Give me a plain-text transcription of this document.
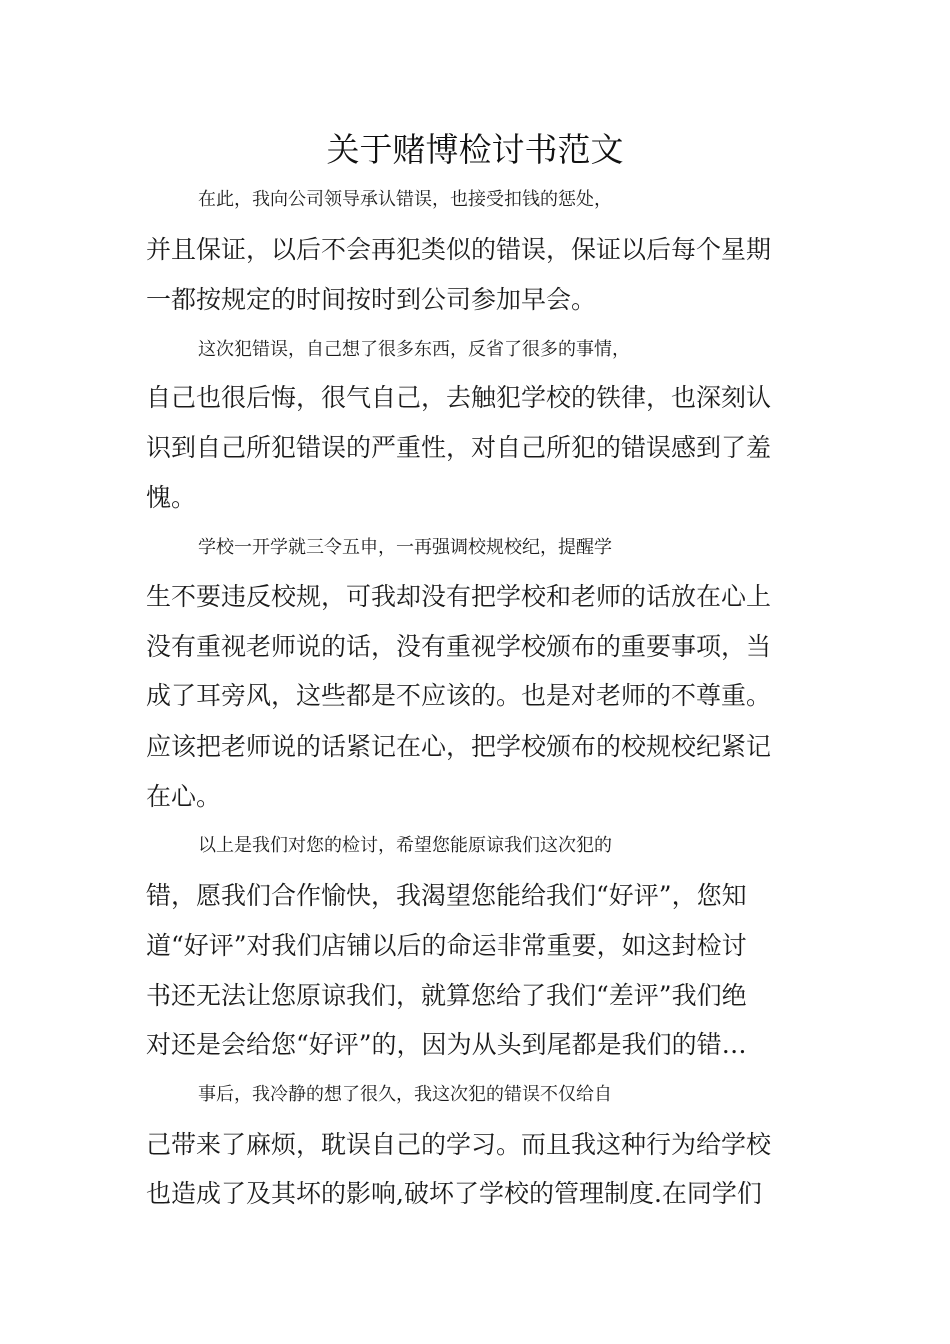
关于赌博检讨书范文

在此，我向公司领导承认错误，也接受扣钱的惩处，

并且保证，以后不会再犯类似的错误，保证以后每个星期

一都按规定的时间按时到公司参加早会。

这次犯错误，自己想了很多东西，反省了很多的事情，

自己也很后悔，很气自己，去触犯学校的铁律，也深刻认

识到自己所犯错误的严重性，对自己所犯的错误感到了羞

愧。

学校一开学就三令五申，一再强调校规校纪，提醒学

生不要违反校规，可我却没有把学校和老师的话放在心上

没有重视老师说的话，没有重视学校颁布的重要事项，当

成了耳旁风，这些都是不应该的。也是对老师的不尊重。

应该把老师说的话紧记在心，把学校颁布的校规校纪紧记

在心。

以上是我们对您的检讨，希望您能原谅我们这次犯的

错，愿我们合作愉快，我渴望您能给我们“好评”，您知

道“好评”对我们店铺以后的命运非常重要，如这封检讨

书还无法让您原谅我们，就算您给了我们“差评”我们绝

对还是会给您“好评”的，因为从头到尾都是我们的错…

事后，我冷静的想了很久，我这次犯的错误不仅给自

己带来了麻烦，耽误自己的学习。而且我这种行为给学校

也造成了及其坏的影响,破坏了学校的管理制度.在同学们
